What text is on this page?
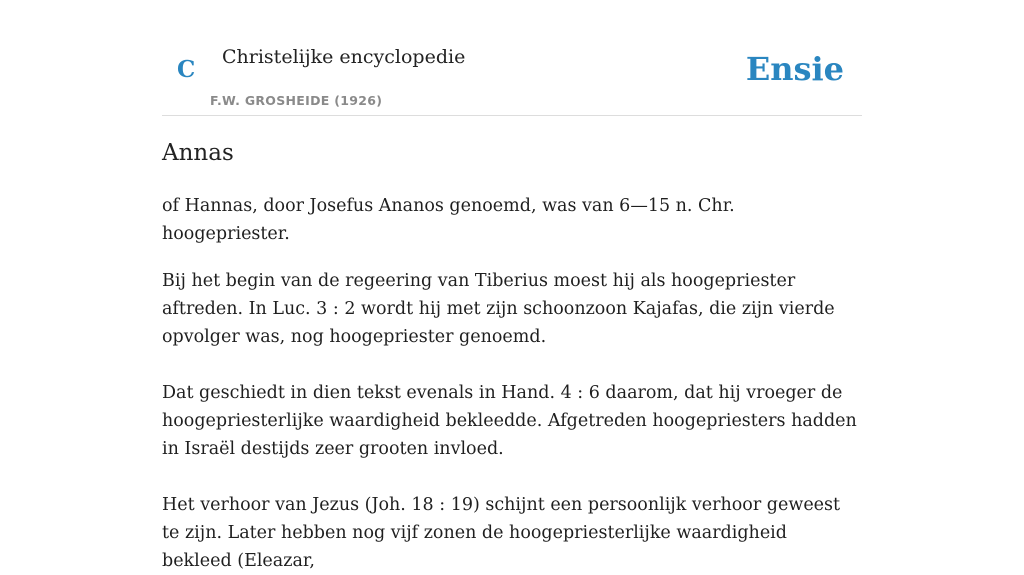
C Christelijke encyclopedie
F.W. GROSHEIDE (1926)
Ensie
Annas

of Hannas, door Josefus Ananos genoemd, was van 6—15 n. Chr. hoogepriester.

Bij het begin van de regeering van Tiberius moest hij als hoogepriester aftreden. In Luc. 3 : 2 wordt hij met zijn schoonzoon Kajafas, die zijn vierde opvolger was, nog hoogepriester genoemd.

Dat geschiedt in dien tekst evenals in Hand. 4 : 6 daarom, dat hij vroeger de hoogepriesterlijke waardigheid bekleedde. Afgetreden hoogepriesters hadden in Israël destijds zeer grooten invloed.

Het verhoor van Jezus (Joh. 18 : 19) schijnt een persoonlijk verhoor geweest te zijn. Later hebben nog vijf zonen de hoogepriesterlijke waardigheid bekleed (Eleazar,
